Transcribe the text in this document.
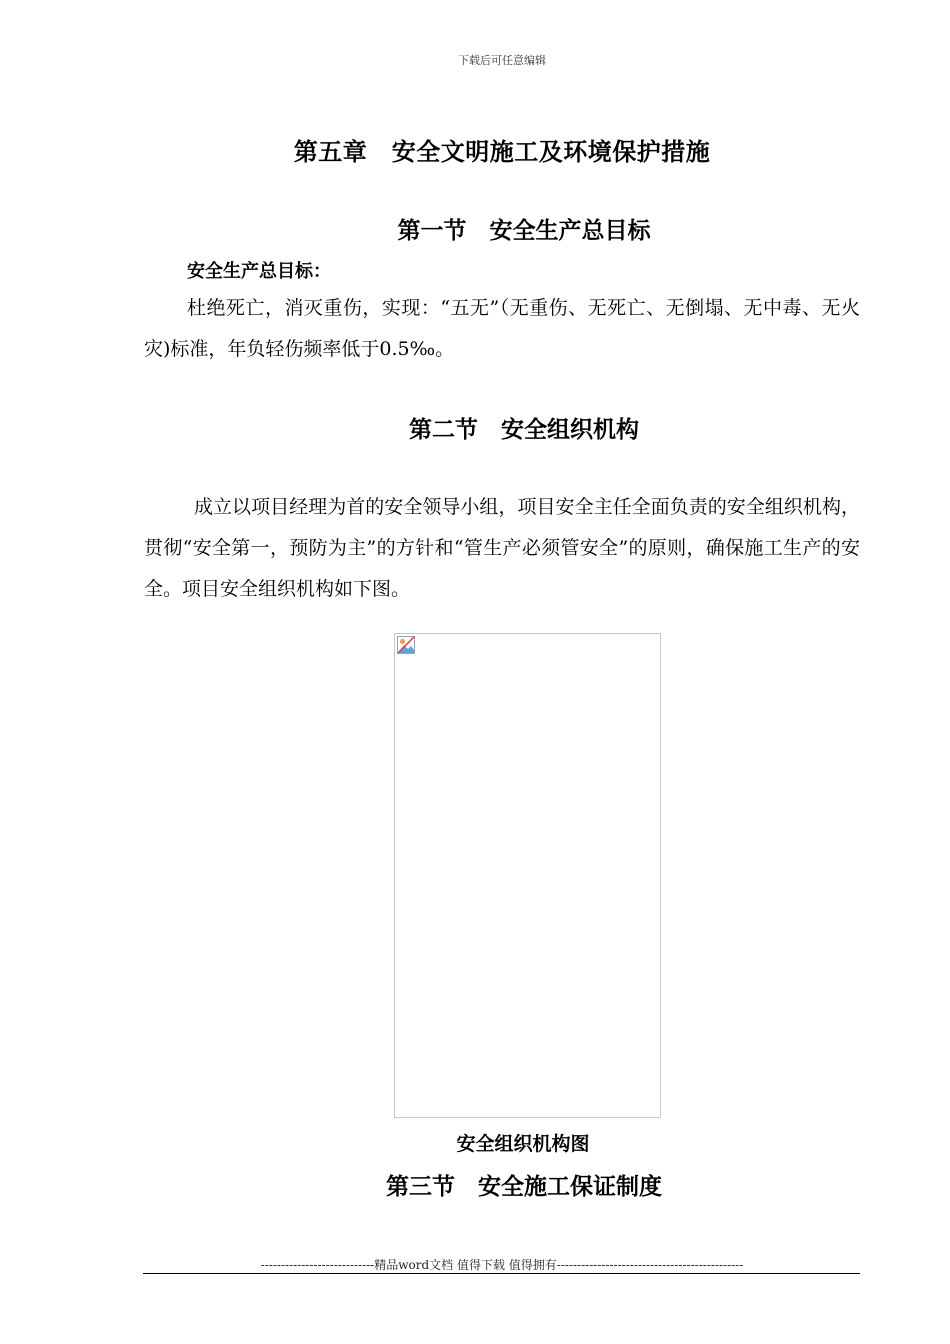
下载后可任意编辑
第五章　安全文明施工及环境保护措施
第一节　安全生产总目标
安全生产总目标：
杜绝死亡，消灭重伤，实现：“五无”（无重伤、无死亡、无倒塌、无中毒、无火灾)标准，年负轻伤频率低于0.5‰。
第二节　安全组织机构
成立以项目经理为首的安全领导小组，项目安全主任全面负责的安全组织机构，贯彻“安全第一，预防为主”的方针和“管生产必须管安全”的原则，确保施工生产的安全。项目安全组织机构如下图。
安全组织机构图
第三节　安全施工保证制度
----------------------------精品word文档 值得下载 值得拥有----------------------------------------------
